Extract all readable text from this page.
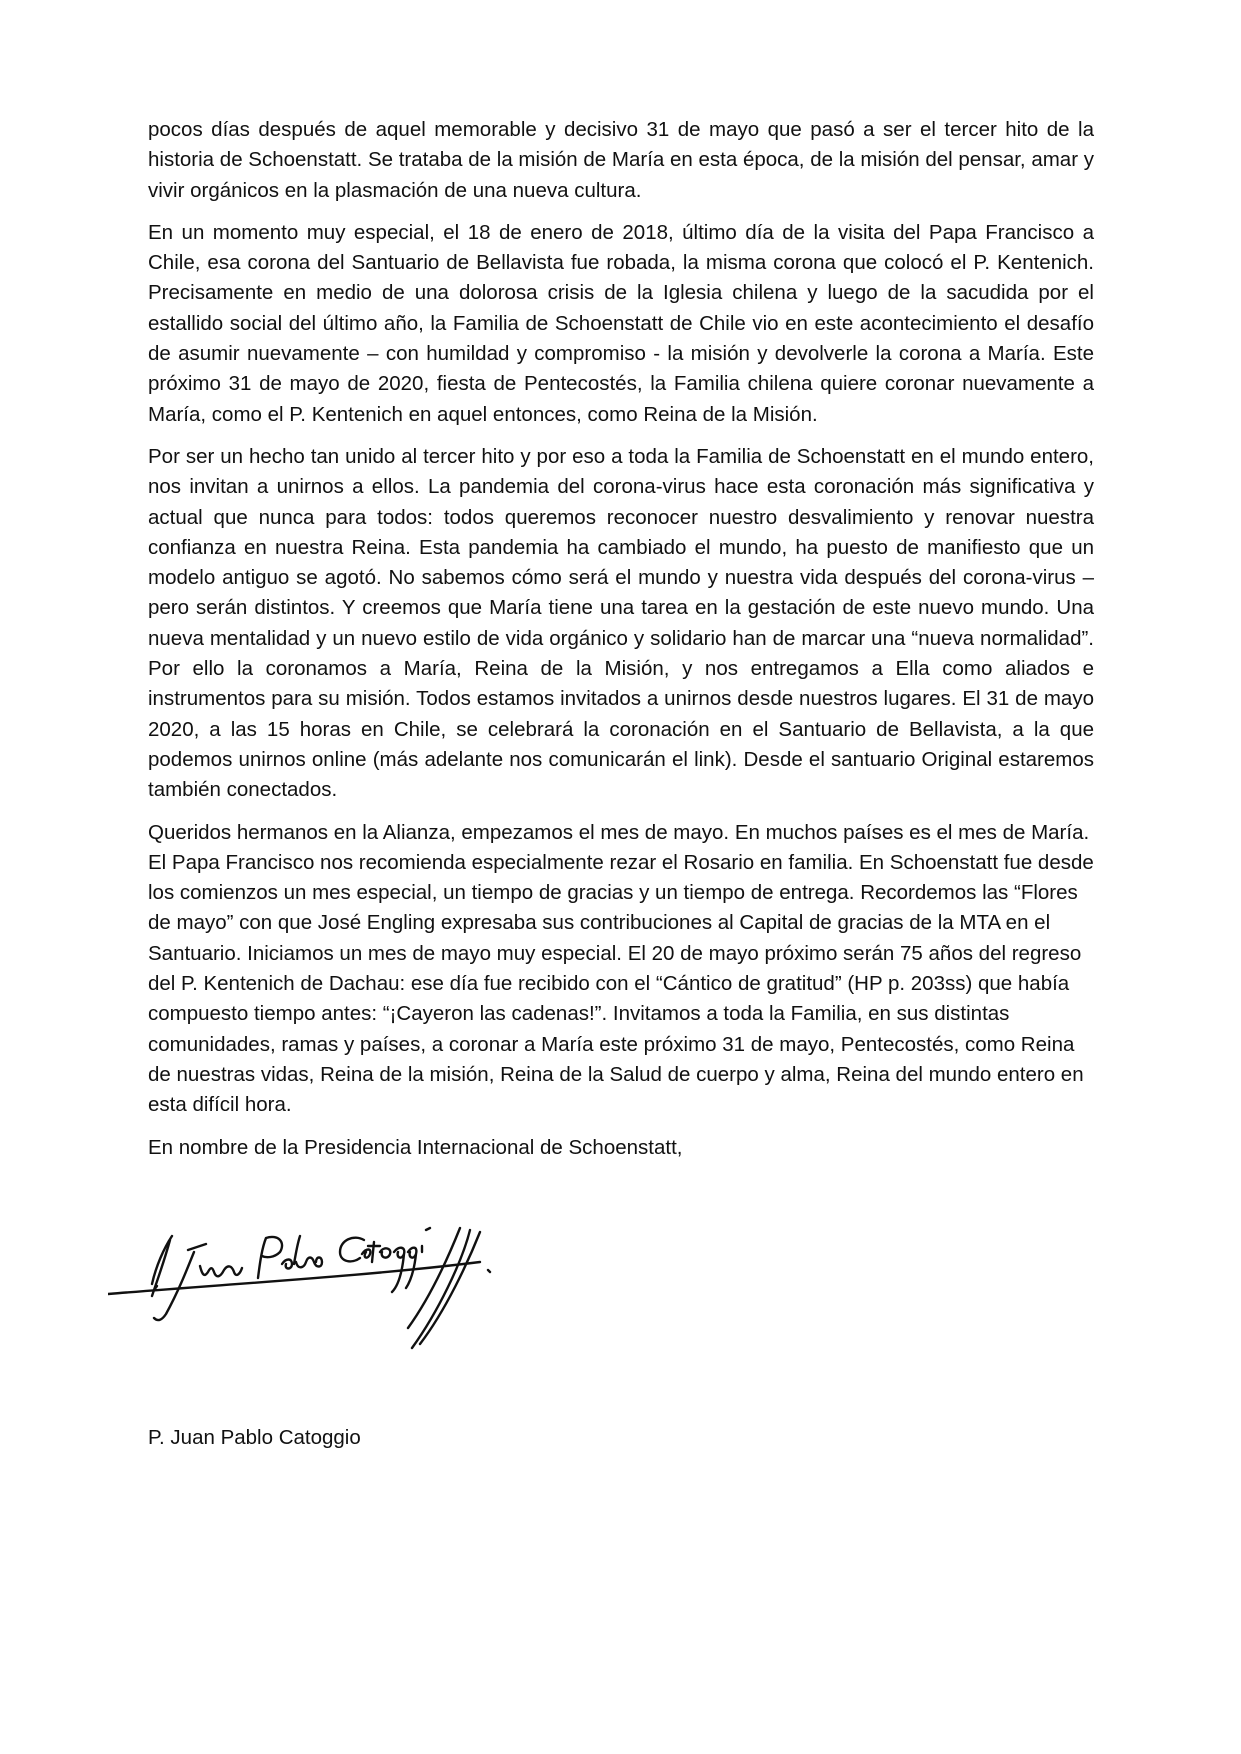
pocos días después de aquel memorable y decisivo 31 de mayo que pasó a ser el tercer hito de la historia de Schoenstatt. Se trataba de la misión de María en esta época, de la misión del pensar, amar y vivir orgánicos en la plasmación de una nueva cultura.

En un momento muy especial, el 18 de enero de 2018, último día de la visita del Papa Francisco a Chile, esa corona del Santuario de Bellavista fue robada, la misma corona que colocó el P. Kentenich. Precisamente en medio de una dolorosa crisis de la Iglesia chilena y luego de la sacudida por el estallido social del último año, la Familia de Schoenstatt de Chile vio en este acontecimiento el desafío de asumir nuevamente – con humildad y compromiso - la misión y devolverle la corona a María. Este próximo 31 de mayo de 2020, fiesta de Pentecostés, la Familia chilena quiere coronar nuevamente a María, como el P. Kentenich en aquel entonces, como Reina de la Misión.

Por ser un hecho tan unido al tercer hito y por eso a toda la Familia de Schoenstatt en el mundo entero, nos invitan a unirnos a ellos. La pandemia del corona-virus hace esta coronación más significativa y actual que nunca para todos: todos queremos reconocer nuestro desvalimiento y renovar nuestra confianza en nuestra Reina. Esta pandemia ha cambiado el mundo, ha puesto de manifiesto que un modelo antiguo se agotó. No sabemos cómo será el mundo y nuestra vida después del corona-virus – pero serán distintos. Y creemos que María tiene una tarea en la gestación de este nuevo mundo. Una nueva mentalidad y un nuevo estilo de vida orgánico y solidario han de marcar una “nueva normalidad”. Por ello la coronamos a María, Reina de la Misión, y nos entregamos a Ella como aliados e instrumentos para su misión. Todos estamos invitados a unirnos desde nuestros lugares. El 31 de mayo 2020, a las 15 horas en Chile, se celebrará la coronación en el Santuario de Bellavista, a la que podemos unirnos online (más adelante nos comunicarán el link). Desde el santuario Original estaremos también conectados.

Queridos hermanos en la Alianza, empezamos el mes de mayo. En muchos países es el mes de María. El Papa Francisco nos recomienda especialmente rezar el Rosario en familia. En Schoenstatt fue desde los comienzos un mes especial, un tiempo de gracias y un tiempo de entrega. Recordemos las “Flores de mayo” con que José Engling expresaba sus contribuciones al Capital de gracias de la MTA en el Santuario. Iniciamos un mes de mayo muy especial. El 20 de mayo próximo serán 75 años del regreso del P. Kentenich de Dachau: ese día fue recibido con el “Cántico de gratitud” (HP p. 203ss) que había compuesto tiempo antes: “¡Cayeron las cadenas!”. Invitamos a toda la Familia, en sus distintas comunidades, ramas y países, a coronar a María este próximo 31 de mayo, Pentecostés, como Reina de nuestras vidas, Reina de la misión, Reina de la Salud de cuerpo y alma, Reina del mundo entero en esta difícil hora.

En nombre de la Presidencia Internacional de Schoenstatt,

P. Juan Pablo Catoggio
P. Juan Pablo Catoggio
